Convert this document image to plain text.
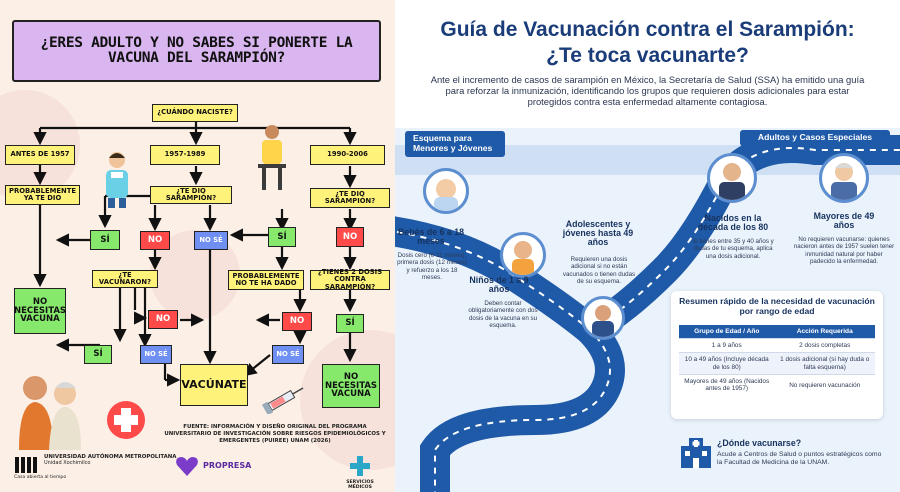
¿ERES ADULTO Y NO SABES SI PONERTE LA VACUNA DEL SARAMPIÓN?
¿CUÁNDO NACISTE?
ANTES DE 1957	1957-1989	1990-2006
PROBABLEMENTE YA TE DIO
¿TE DIO SARAMPIÓN?
¿TE DIO SARAMPIÓN?
SÍ	NO	NO SÉ	SÍ	NO
¿TE VACUNARON?
PROBABLEMENTE NO TE HA DADO
¿TIENES 2 DOSIS CONTRA SARAMPIÓN?
NO NECESITAS VACUNA	NO	NO	SÍ
SÍ	NO SÉ	NO SÉ
VACÚNATE
NO NECESITAS VACUNA
FUENTE: INFORMACIÓN Y DISEÑO ORIGINAL DEL PROGRAMA UNIVERSITARIO DE INVESTIGACIÓN SOBRE RIESGOS EPIDEMIOLÓGICOS Y EMERGENTES (PUIREE) UNAM (2026)
UNIVERSIDAD AUTÓNOMA METROPOLITANA
Unidad Xochimilco
Casa abierta al tiempo
PROPRESA
SERVICIOS MÉDICOS
Guía de Vacunación contra el Sarampión:
¿Te toca vacunarte?
Ante el incremento de casos de sarampión en México, la Secretaría de Salud (SSA) ha emitido una guía para reforzar la inmunización, identificando los grupos que requieren dosis adicionales para estar protegidos contra esta enfermedad altamente contagiosa.
Esquema para Menores y Jóvenes
Adultos y Casos Especiales
Bebés de 6 a 18 meses
Dosis cero (6-11 meses), primera dosis (12 meses) y refuerzo a los 18 meses.	Niños de 1 a 9 años
Deben contar obligatoriamente con dos dosis de la vacuna en su esquema.
Adolescentes y jóvenes hasta 49 años
Requieren una dosis adicional si no están vacunados o tienen dudas de su esquema.
Nacidos en la década de los 80
Si tienes entre 35 y 40 años y dudas de tu esquema, aplica una dosis adicional.
Mayores de 49 años
No requieren vacunarse: quienes nacieron antes de 1957 suelen tener inmunidad natural por haber padecido la enfermedad.
Resumen rápido de la necesidad de vacunación por rango de edad
Grupo de Edad / Año	Acción Requerida
1 a 9 años	2 dosis completas
10 a 49 años (Incluye década de los 80)	1 dosis adicional (si hay duda o falta esquema)
Mayores de 49 años (Nacidos antes de 1957)	No requieren vacunación
¿Dónde vacunarse?
Acude a Centros de Salud o puntos estratégicos como la Facultad de Medicina de la UNAM.
